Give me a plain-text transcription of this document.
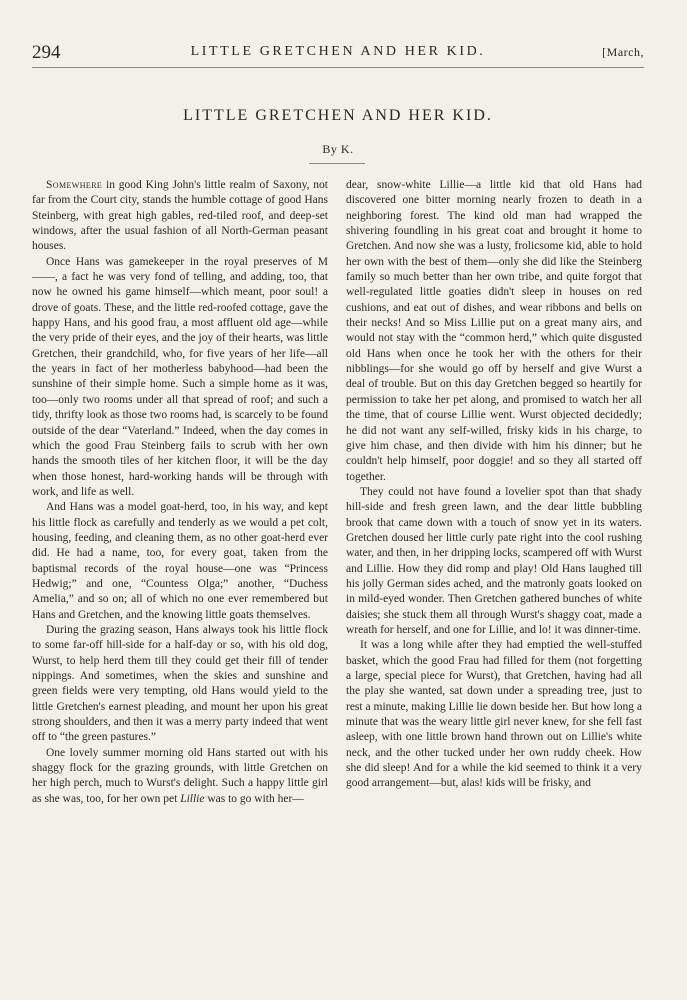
294	LITTLE GRETCHEN AND HER KID.	[March,
LITTLE GRETCHEN AND HER KID.
By K.

Somewhere in good King John's little realm of Saxony, not far from the Court city, stands the humble cottage of good Hans Steinberg, with great high gables, red-tiled roof, and deep-set windows, after the usual fashion of all North-German peasant houses.

Once Hans was gamekeeper in the royal preserves of M——, a fact he was very fond of telling, and adding, too, that now he owned his game himself—which meant, poor soul! a drove of goats. These, and the little red-roofed cottage, gave the happy Hans, and his good frau, a most affluent old age—while the very pride of their eyes, and the joy of their hearts, was little Gretchen, their grandchild, who, for five years of her life—all the years in fact of her motherless babyhood—had been the sunshine of their simple home. Such a simple home as it was, too—only two rooms under all that spread of roof; and such a tidy, thrifty look as those two rooms had, is scarcely to be found outside of the dear “Vaterland.” Indeed, when the day comes in which the good Frau Steinberg fails to scrub with her own hands the smooth tiles of her kitchen floor, it will be the day when those honest, hard-working hands will be through with work, and life as well.

And Hans was a model goat-herd, too, in his way, and kept his little flock as carefully and tenderly as we would a pet colt, housing, feeding, and cleaning them, as no other goat-herd ever did. He had a name, too, for every goat, taken from the baptismal records of the royal house—one was “Princess Hedwig;” and one, “Countess Olga;” another, “Duchess Amelia,” and so on; all of which no one ever remembered but Hans and Gretchen, and the knowing little goats themselves.

During the grazing season, Hans always took his little flock to some far-off hill-side for a half-day or so, with his old dog, Wurst, to help herd them till they could get their fill of tender nippings. And sometimes, when the skies and sunshine and green fields were very tempting, old Hans would yield to the little Gretchen's earnest pleading, and mount her upon his great strong shoulders, and then it was a merry party indeed that went off to “the green pastures.”

One lovely summer morning old Hans started out with his shaggy flock for the grazing grounds, with little Gretchen on her high perch, much to Wurst's delight. Such a happy little girl as she was, too, for her own pet Lillie was to go with her—

dear, snow-white Lillie—a little kid that old Hans had discovered one bitter morning nearly frozen to death in a neighboring forest. The kind old man had wrapped the shivering foundling in his great coat and brought it home to Gretchen. And now she was a lusty, frolicsome kid, able to hold her own with the best of them—only she did like the Steinberg family so much better than her own tribe, and quite forgot that well-regulated little goaties didn't sleep in houses on red cushions, and eat out of dishes, and wear ribbons and bells on their necks! And so Miss Lillie put on a great many airs, and would not stay with the “common herd,” which quite disgusted old Hans when once he took her with the others for their nibblings—for she would go off by herself and give Wurst a deal of trouble. But on this day Gretchen begged so heartily for permission to take her pet along, and promised to watch her all the time, that of course Lillie went. Wurst objected decidedly; he did not want any self-willed, frisky kids in his charge, to give him chase, and then divide with him his dinner; but he couldn't help himself, poor doggie! and so they all started off together.

They could not have found a lovelier spot than that shady hill-side and fresh green lawn, and the dear little bubbling brook that came down with a touch of snow yet in its waters. Gretchen doused her little curly pate right into the cool rushing water, and then, in her dripping locks, scampered off with Wurst and Lillie. How they did romp and play! Old Hans laughed till his jolly German sides ached, and the matronly goats looked on in mild-eyed wonder. Then Gretchen gathered bunches of white daisies; she stuck them all through Wurst's shaggy coat, made a wreath for herself, and one for Lillie, and lo! it was dinner-time.

It was a long while after they had emptied the well-stuffed basket, which the good Frau had filled for them (not forgetting a large, special piece for Wurst), that Gretchen, having had all the play she wanted, sat down under a spreading tree, just to rest a minute, making Lillie lie down beside her. But how long a minute that was the weary little girl never knew, for she fell fast asleep, with one little brown hand thrown out on Lillie's white neck, and the other tucked under her own ruddy cheek. How she did sleep! And for a while the kid seemed to think it a very good arrangement—but, alas! kids will be frisky, and
